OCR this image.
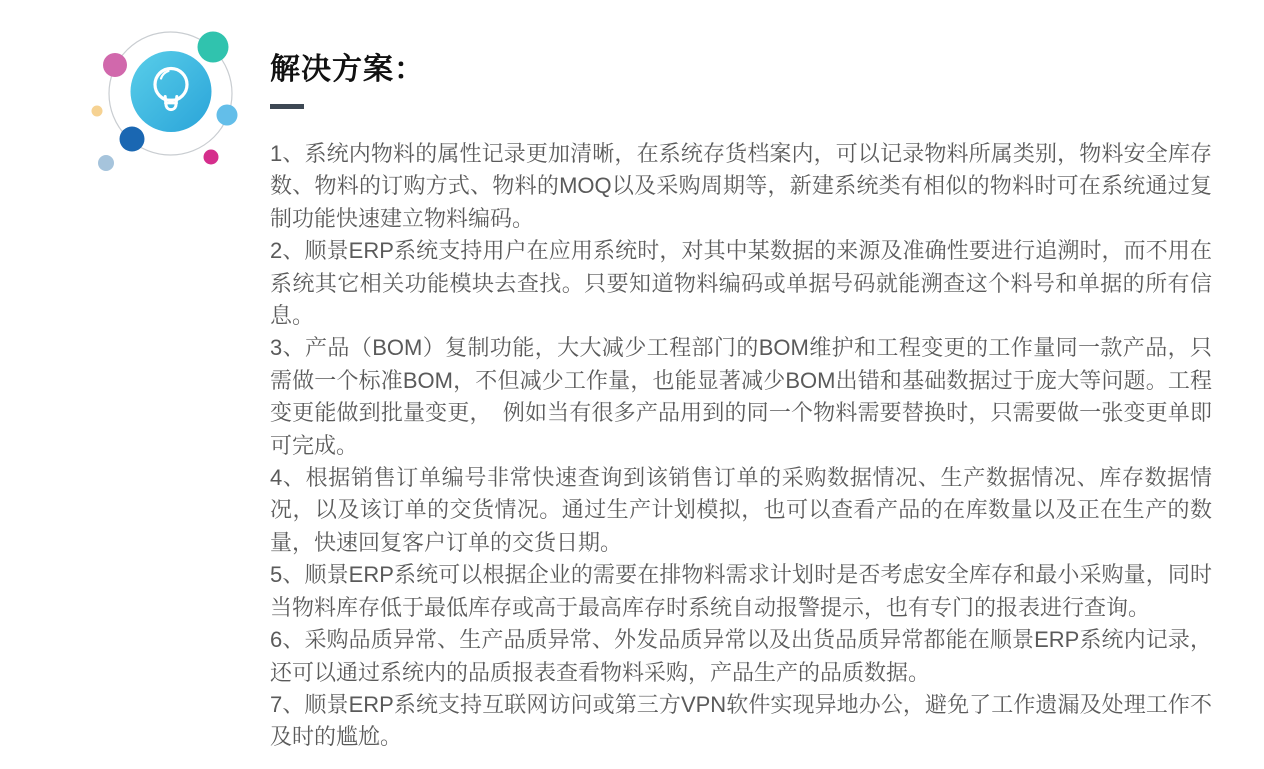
解决方案：

1、系统内物料的属性记录更加清晰，在系统存货档案内，可以记录物料所属类别，物料安全库存数、物料的订购方式、物料的MOQ以及采购周期等，新建系统类有相似的物料时可在系统通过复制功能快速建立物料编码。

2、顺景ERP系统支持用户在应用系统时，对其中某数据的来源及准确性要进行追溯时，而不用在系统其它相关功能模块去查找。只要知道物料编码或单据号码就能溯查这个料号和单据的所有信息。

3、产品（BOM）复制功能，大大减少工程部门的BOM维护和工程变更的工作量同一款产品，只需做一个标准BOM，不但减少工作量，也能显著减少BOM出错和基础数据过于庞大等问题。工程变更能做到批量变更，　例如当有很多产品用到的同一个物料需要替换时，只需要做一张变更单即可完成。

4、根据销售订单编号非常快速查询到该销售订单的采购数据情况、生产数据情况、库存数据情况，以及该订单的交货情况。通过生产计划模拟，也可以查看产品的在库数量以及正在生产的数量，快速回复客户订单的交货日期。

5、顺景ERP系统可以根据企业的需要在排物料需求计划时是否考虑安全库存和最小采购量，同时当物料库存低于最低库存或高于最高库存时系统自动报警提示，也有专门的报表进行查询。

6、采购品质异常、生产品质异常、外发品质异常以及出货品质异常都能在顺景ERP系统内记录，还可以通过系统内的品质报表查看物料采购，产品生产的品质数据。

7、顺景ERP系统支持互联网访问或第三方VPN软件实现异地办公，避免了工作遗漏及处理工作不及时的尴尬。
